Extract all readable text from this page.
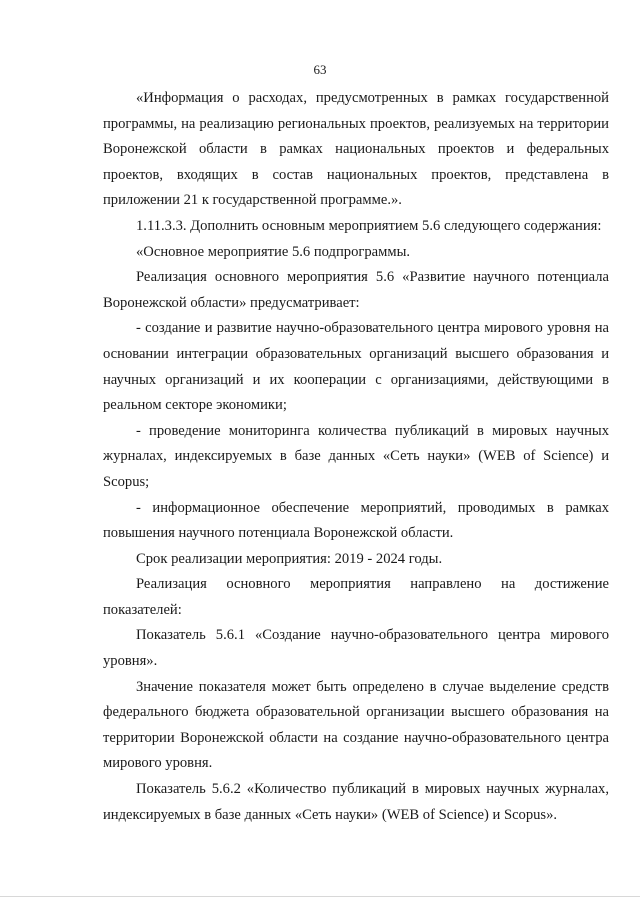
63

«Информация о расходах, предусмотренных в рамках государственной программы, на реализацию региональных проектов, реализуемых на территории Воронежской области в рамках национальных проектов и федеральных проектов, входящих в состав национальных проектов, представлена в приложении 21 к государственной программе.».

1.11.3.3. Дополнить основным мероприятием 5.6 следующего содержания:

«Основное мероприятие 5.6 подпрограммы.

Реализация основного мероприятия 5.6 «Развитие научного потенциала Воронежской области» предусматривает:

- создание и развитие научно-образовательного центра мирового уровня на основании интеграции образовательных организаций высшего образования и научных организаций и их кооперации с организациями, действующими в реальном секторе экономики;

- проведение мониторинга количества публикаций в мировых научных журналах, индексируемых в базе данных «Сеть науки» (WEB of Science) и Scopus;

- информационное обеспечение мероприятий, проводимых в рамках повышения научного потенциала Воронежской области.

Срок реализации мероприятия: 2019 - 2024 годы.

Реализация основного мероприятия направлено на достижение показателей:

Показатель 5.6.1 «Создание научно-образовательного центра мирового уровня».

Значение показателя может быть определено в случае выделение средств федерального бюджета образовательной организации высшего образования на территории Воронежской области на создание научно-образовательного центра мирового уровня.

Показатель 5.6.2 «Количество публикаций в мировых научных журналах, индексируемых в базе данных «Сеть науки» (WEB of Science) и Scopus».
